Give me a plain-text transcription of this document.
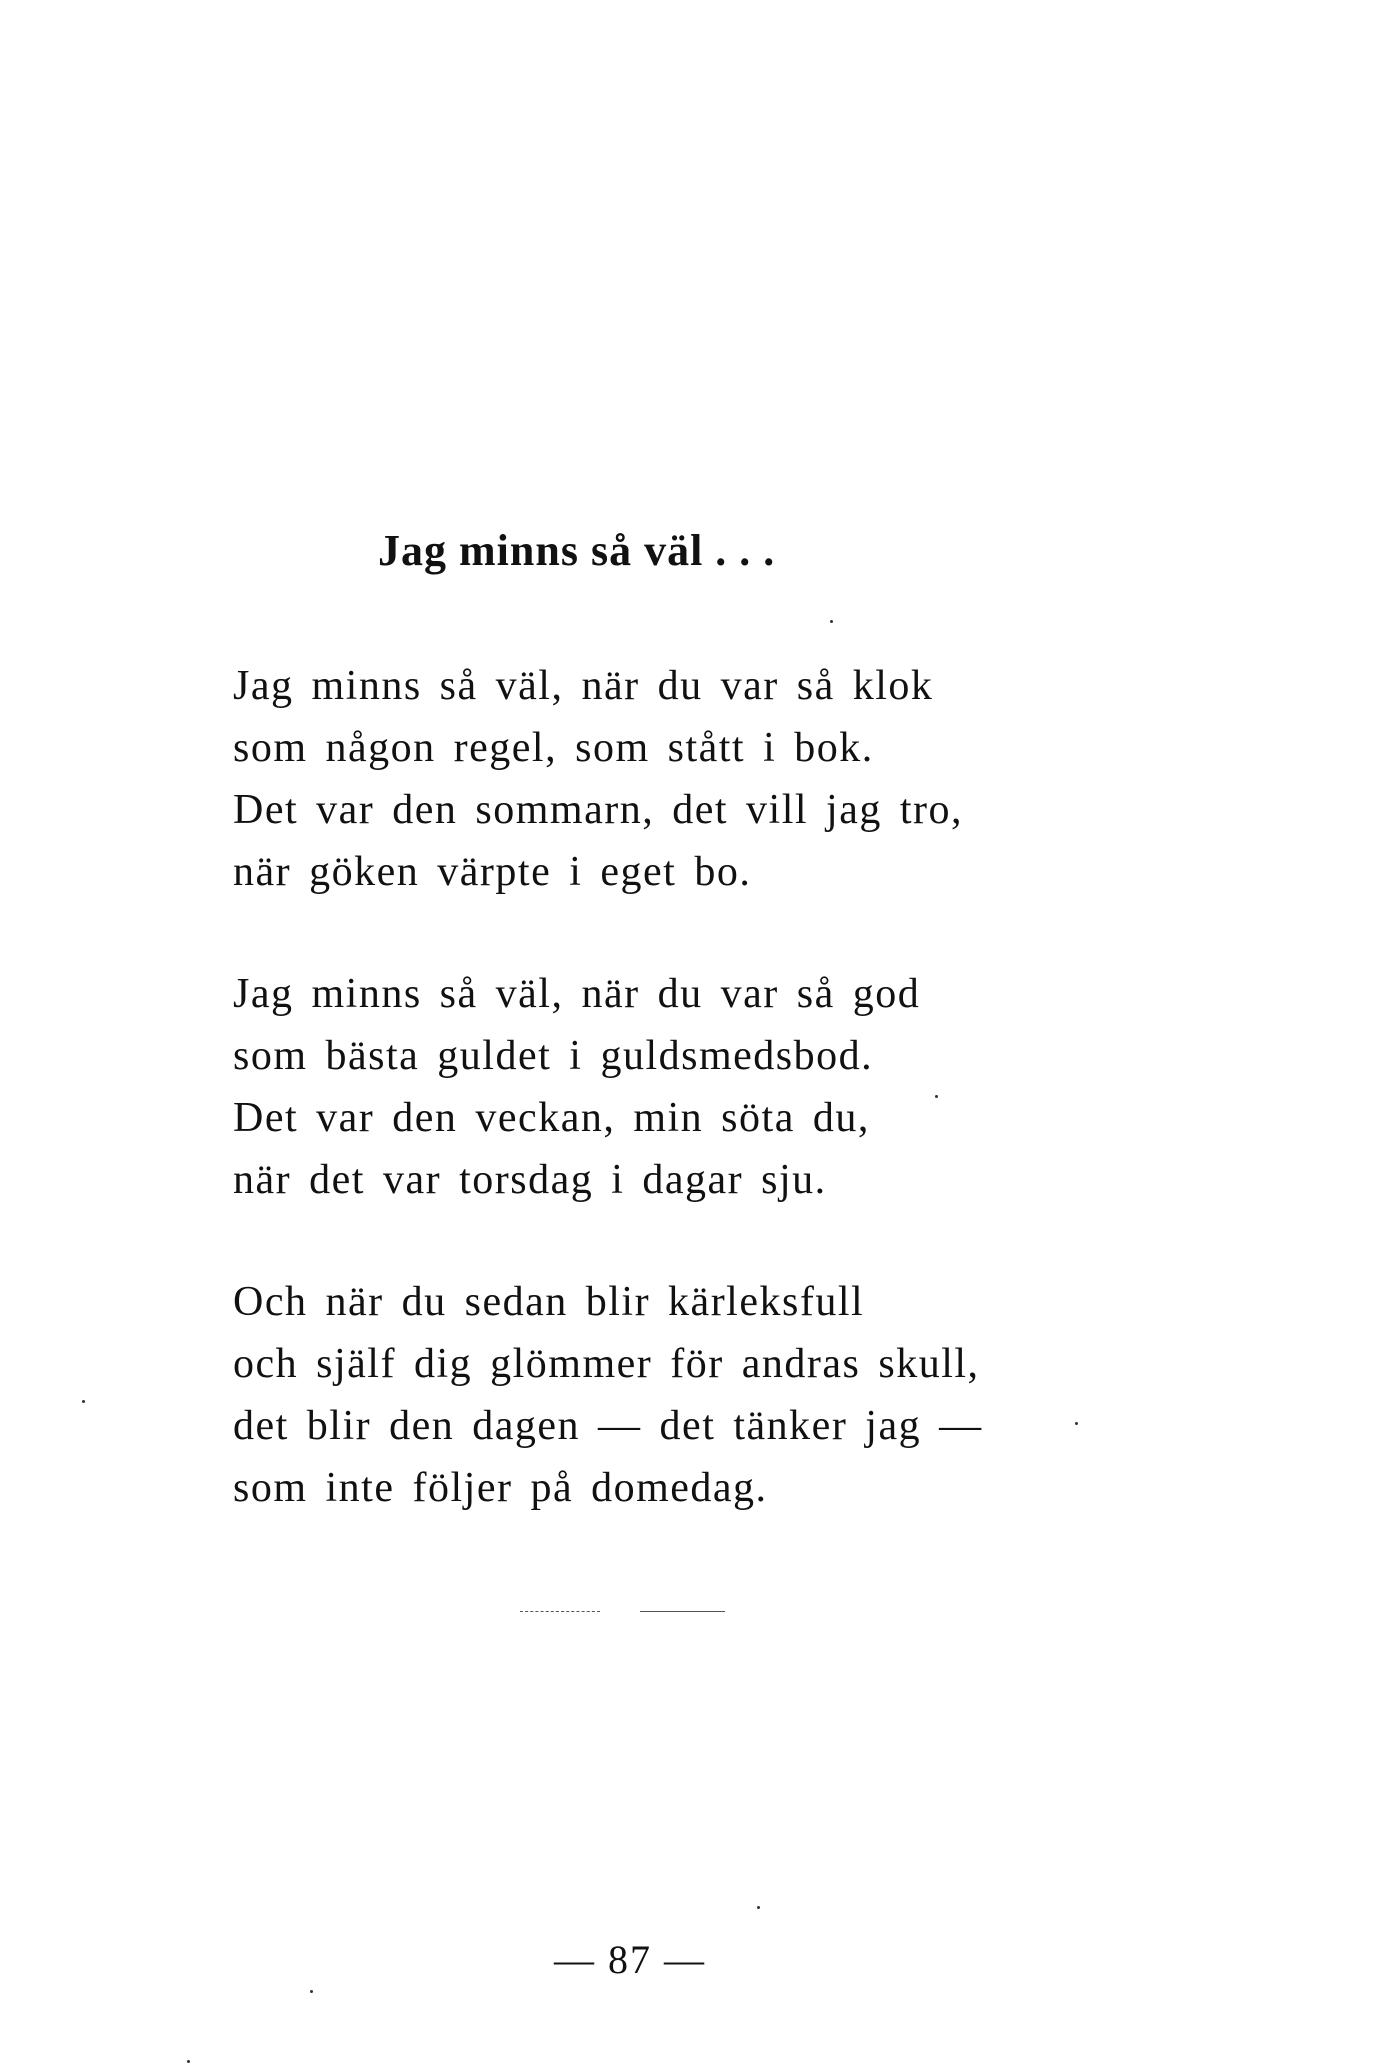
Jag minns så väl . . .
Jag minns så väl, när du var så klok
som någon regel, som stått i bok.
Det var den sommarn, det vill jag tro,
när göken värpte i eget bo.
Jag minns så väl, när du var så god
som bästa guldet i guldsmedsbod.
Det var den veckan, min söta du,
när det var torsdag i dagar sju.
Och när du sedan blir kärleksfull
och själf dig glömmer för andras skull,
det blir den dagen — det tänker jag —
som inte följer på domedag.
— 87 —
